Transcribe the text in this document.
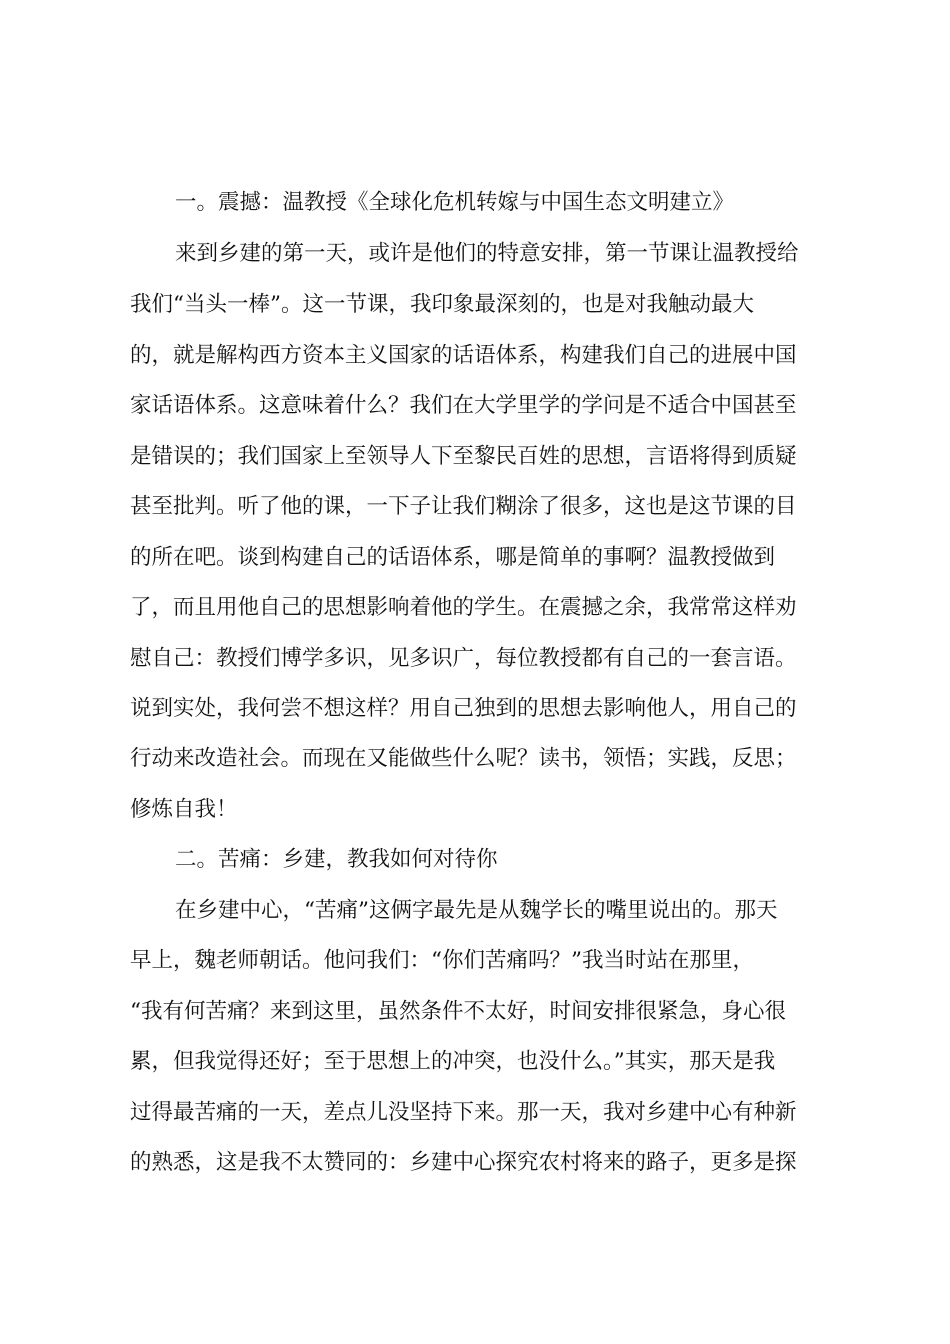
一。震撼：温教授《全球化危机转嫁与中国生态文明建立》
来到乡建的第一天，或许是他们的特意安排，第一节课让温教授给
我们“当头一棒”。这一节课，我印象最深刻的，也是对我触动最大
的，就是解构西方资本主义国家的话语体系，构建我们自己的进展中国
家话语体系。这意味着什么？我们在大学里学的学问是不适合中国甚至
是错误的；我们国家上至领导人下至黎民百姓的思想，言语将得到质疑
甚至批判。听了他的课，一下子让我们糊涂了很多，这也是这节课的目
的所在吧。谈到构建自己的话语体系，哪是简单的事啊？温教授做到
了，而且用他自己的思想影响着他的学生。在震撼之余，我常常这样劝
慰自己：教授们博学多识，见多识广，每位教授都有自己的一套言语。
说到实处，我何尝不想这样？用自己独到的思想去影响他人，用自己的
行动来改造社会。而现在又能做些什么呢？读书，领悟；实践，反思；
修炼自我！
二。苦痛：乡建，教我如何对待你
在乡建中心，“苦痛”这俩字最先是从魏学长的嘴里说出的。那天
早上，魏老师朝话。他问我们：“你们苦痛吗？”我当时站在那里，
“我有何苦痛？来到这里，虽然条件不太好，时间安排很紧急，身心很
累，但我觉得还好；至于思想上的冲突，也没什么。”其实，那天是我
过得最苦痛的一天，差点儿没坚持下来。那一天，我对乡建中心有种新
的熟悉，这是我不太赞同的：乡建中心探究农村将来的路子，更多是探
